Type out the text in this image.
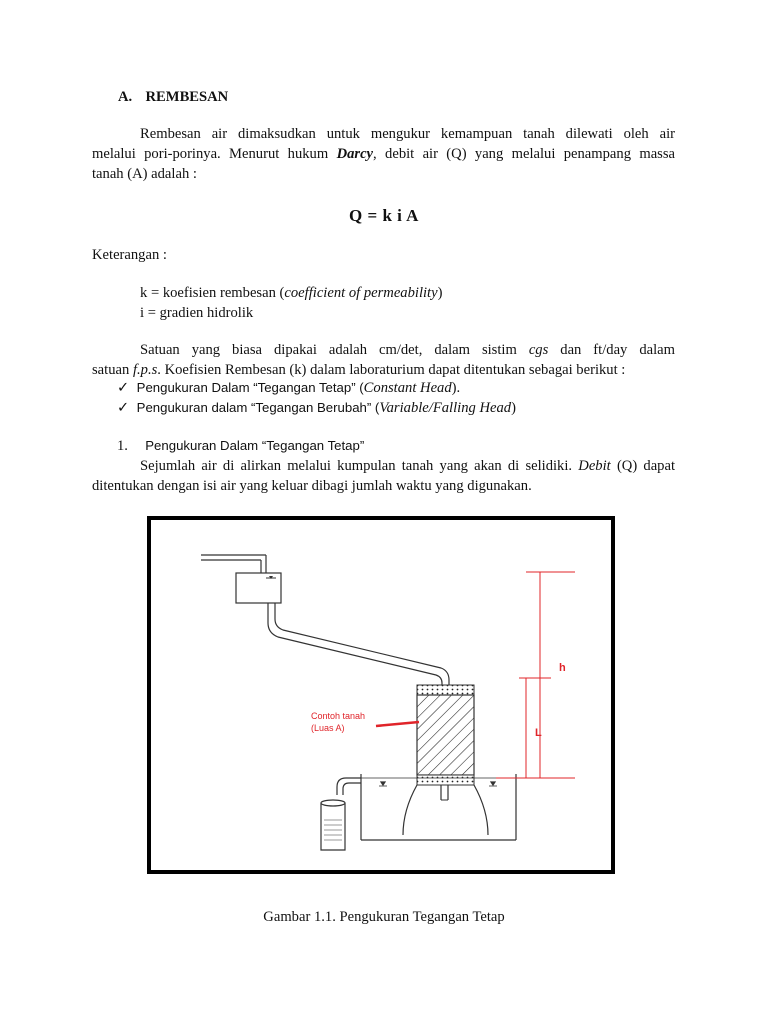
A. REMBESAN
Rembesan air dimaksudkan untuk mengukur kemampuan tanah dilewati oleh air
melalui pori-porinya. Menurut hukum Darcy, debit air (Q) yang melalui penampang massa
tanah (A) adalah :
Q = k i A
Keterangan :
k = koefisien rembesan (coefficient of permeability)
i = gradien hidrolik
Satuan yang biasa dipakai adalah cm/det, dalam sistim cgs dan ft/day dalam
satuan f.p.s. Koefisien Rembesan (k) dalam laboraturium dapat ditentukan sebagai berikut :
✓ Pengukuran Dalam “Tegangan Tetap” (Constant Head).
✓ Pengukuran dalam “Tegangan Berubah” (Variable/Falling Head)
1. Pengukuran Dalam “Tegangan Tetap”
Sejumlah air di alirkan melalui kumpulan tanah yang akan di selidiki. Debit (Q) dapat
ditentukan dengan isi air yang keluar dibagi jumlah waktu yang digunakan.
Contoh tanah
(Luas A)
h
L
Gambar 1.1. Pengukuran Tegangan Tetap
